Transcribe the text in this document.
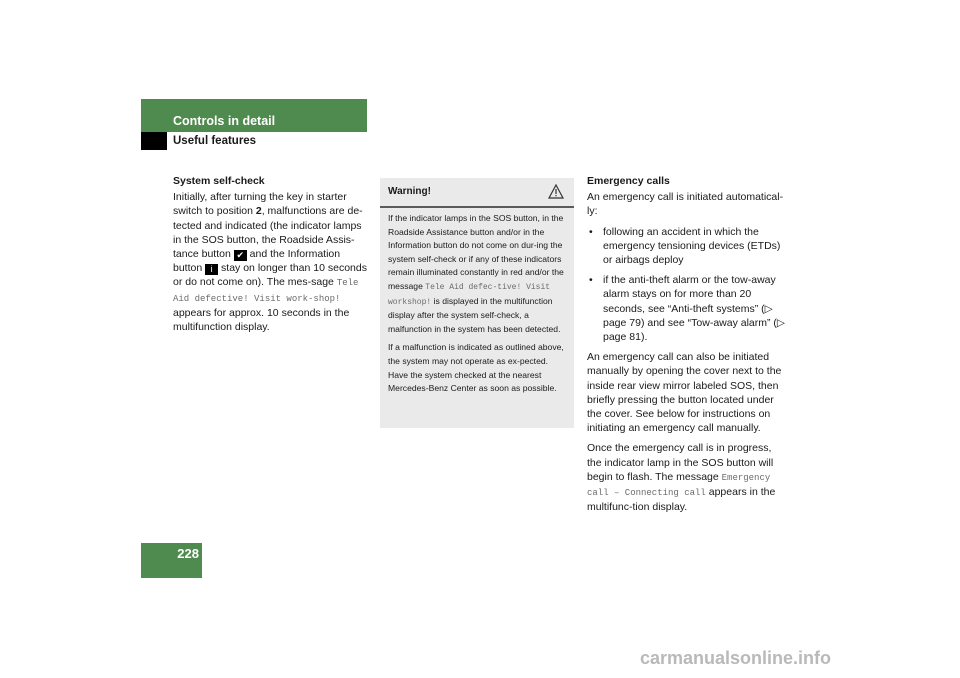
Controls in detail
Useful features

System self-check

Initially, after turning the key in starter switch to position 2, malfunctions are de-tected and indicated (the indicator lamps in the SOS button, the Roadside Assis-tance button ✔ and the Information button i stay on longer than 10 seconds or do not come on). The mes-sage Tele Aid defective! Visit work-shop! appears for approx. 10 seconds in the multifunction display.

Warning!

If the indicator lamps in the SOS button, in the Roadside Assistance button and/or in the Information button do not come on dur-ing the system self-check or if any of these indicators remain illuminated constantly in red and/or the message Tele Aid defec-tive! Visit workshop! is displayed in the multifunction display after the system self-check, a malfunction in the system has been detected.

If a malfunction is indicated as outlined above, the system may not operate as ex-pected. Have the system checked at the nearest Mercedes-Benz Center as soon as possible.

Emergency calls

An emergency call is initiated automatical-ly:

• following an accident in which the emergency tensioning devices (ETDs) or airbags deploy
• if the anti-theft alarm or the tow-away alarm stays on for more than 20 seconds, see “Anti-theft systems” (▷ page 79) and see “Tow-away alarm” (▷ page 81).

An emergency call can also be initiated manually by opening the cover next to the inside rear view mirror labeled SOS, then briefly pressing the button located under the cover. See below for instructions on initiating an emergency call manually.

Once the emergency call is in progress, the indicator lamp in the SOS button will begin to flash. The message Emergency call – Connecting call appears in the multifunc-tion display.

228
carmanualsonline.info
